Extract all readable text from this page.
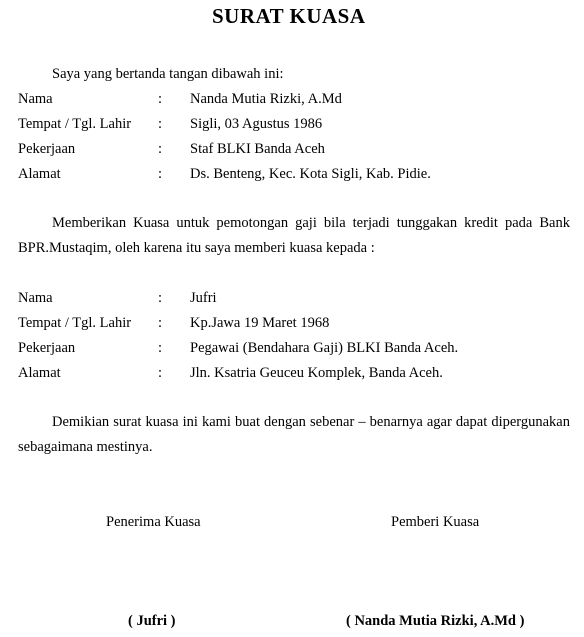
SURAT KUASA
Saya yang bertanda tangan dibawah ini:
Nama	: Nanda Mutia Rizki, A.Md
Tempat / Tgl. Lahir : Sigli, 03 Agustus 1986
Pekerjaan	: Staf BLKI Banda Aceh
Alamat	: Ds. Benteng, Kec. Kota Sigli, Kab. Pidie.
Memberikan Kuasa untuk pemotongan gaji bila terjadi tunggakan kredit pada Bank BPR.Mustaqim, oleh karena itu saya memberi kuasa kepada :
Nama	: Jufri
Tempat / Tgl. Lahir : Kp.Jawa 19 Maret 1968
Pekerjaan	: Pegawai (Bendahara Gaji) BLKI Banda Aceh.
Alamat	: Jln. Ksatria Geuceu Komplek, Banda Aceh.
Demikian surat kuasa ini kami buat dengan sebenar – benarnya agar dapat dipergunakan sebagaimana mestinya.
Penerima Kuasa	Pemberi Kuasa
( Jufri )	( Nanda Mutia Rizki, A.Md )
